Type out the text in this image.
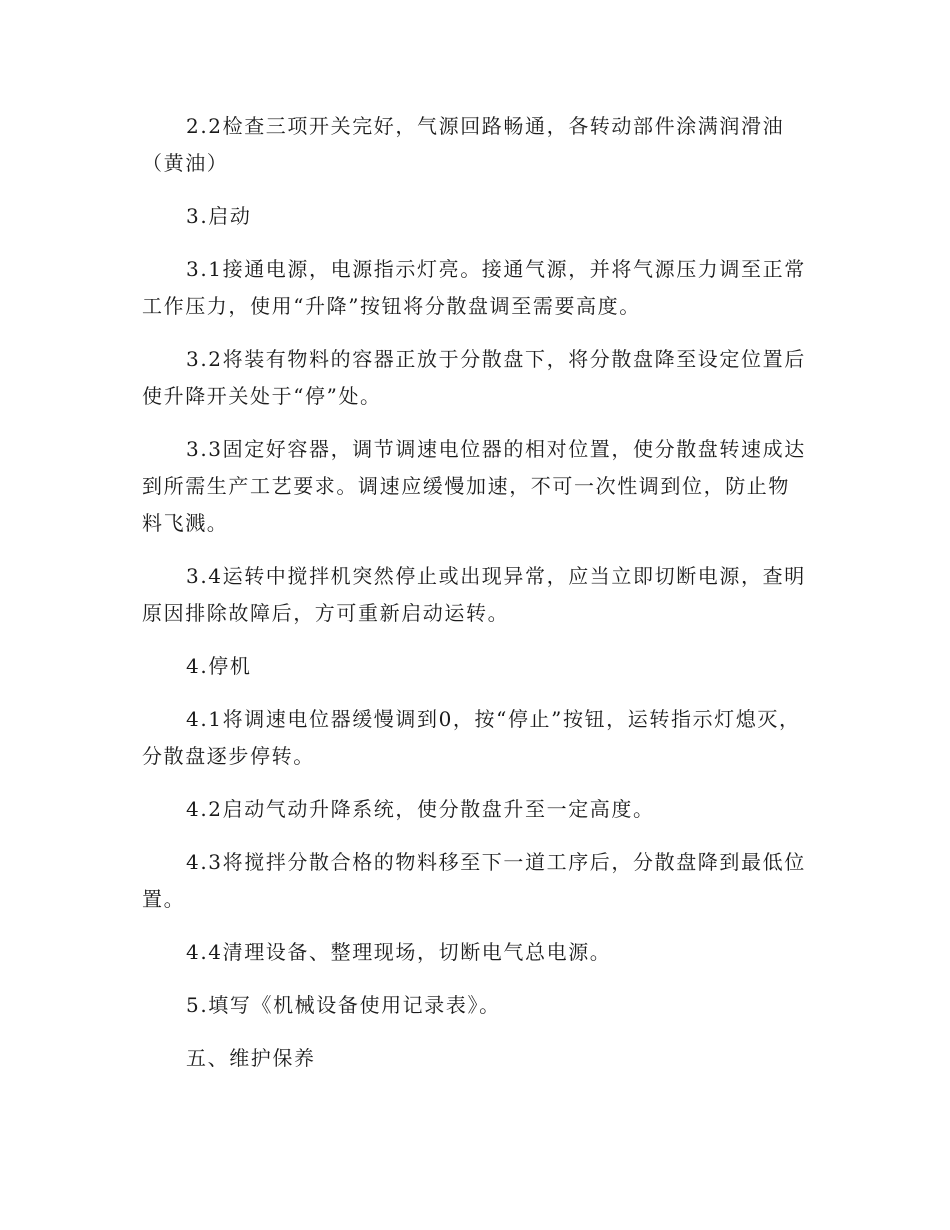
2.2检查三项开关完好，气源回路畅通，各转动部件涂满润滑油（黄油）

3.启动

3.1接通电源，电源指示灯亮。接通气源，并将气源压力调至正常工作压力，使用“升降”按钮将分散盘调至需要高度。

3.2将装有物料的容器正放于分散盘下，将分散盘降至设定位置后使升降开关处于“停”处。

3.3固定好容器，调节调速电位器的相对位置，使分散盘转速成达到所需生产工艺要求。调速应缓慢加速，不可一次性调到位，防止物料飞溅。

3.4运转中搅拌机突然停止或出现异常，应当立即切断电源，查明原因排除故障后，方可重新启动运转。

4.停机

4.1将调速电位器缓慢调到0，按“停止”按钮，运转指示灯熄灭，分散盘逐步停转。

4.2启动气动升降系统，使分散盘升至一定高度。

4.3将搅拌分散合格的物料移至下一道工序后，分散盘降到最低位置。

4.4清理设备、整理现场，切断电气总电源。

5.填写《机械设备使用记录表》。

五、维护保养
